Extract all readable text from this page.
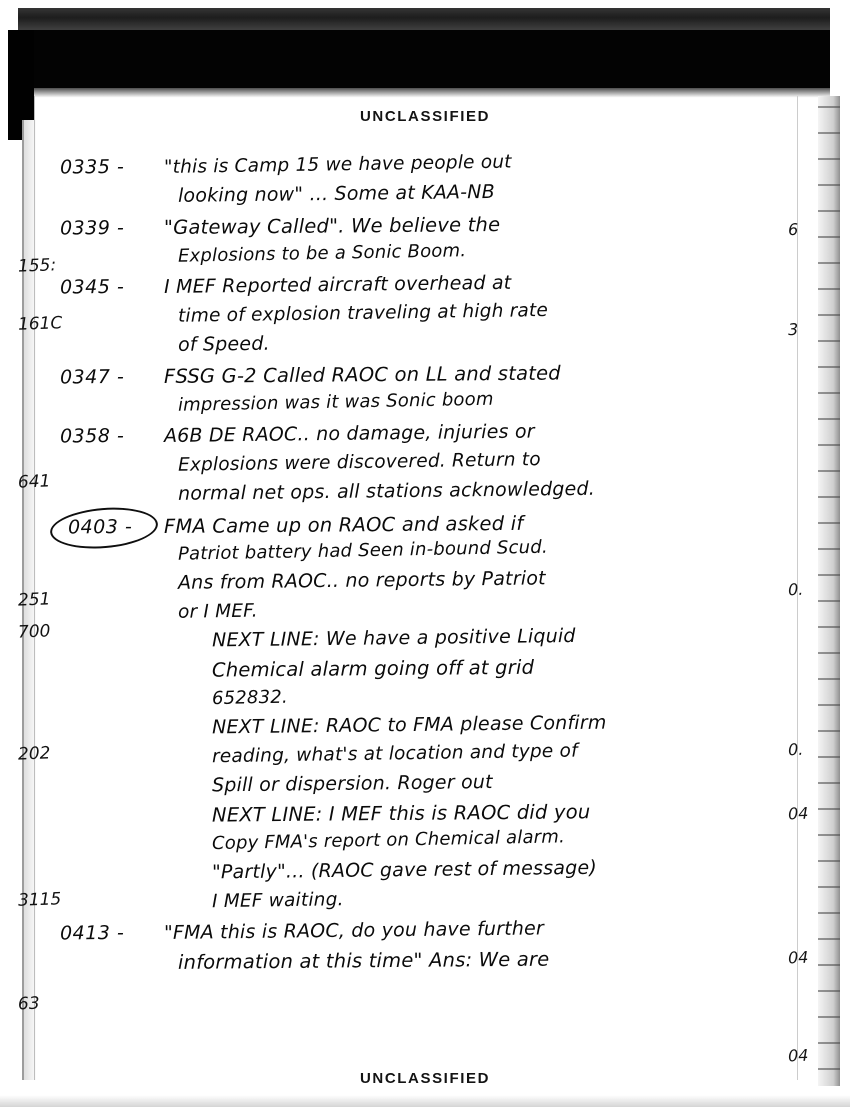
UNCLASSIFIED
155:
161C
641
251
700
202
3115
63
6
3
0.
0.
04
04
04
0335 -	"this is Camp 15 we have people out
looking now" ... Some at KAA-NB
0339 -	"Gateway Called". We believe the
Explosions to be a Sonic Boom.
0345 -	I MEF Reported aircraft overhead at
time of explosion traveling at high rate
of Speed.
0347 -	FSSG G-2 Called RAOC on LL and stated
impression was it was Sonic boom
0358 -	A6B DE RAOC.. no damage, injuries or
Explosions were discovered. Return to
normal net ops. all stations acknowledged.
0403 -	FMA Came up on RAOC and asked if
Patriot battery had Seen in-bound Scud.
Ans from RAOC.. no reports by Patriot
or I MEF.
NEXT LINE: We have a positive Liquid
Chemical alarm going off at grid
652832.
NEXT LINE: RAOC to FMA please Confirm
reading, what's at location and type of
Spill or dispersion. Roger out
NEXT LINE: I MEF this is RAOC did you
Copy FMA's report on Chemical alarm.
"Partly"... (RAOC gave rest of message)
I MEF waiting.
0413 -	"FMA this is RAOC, do you have further
information at this time" Ans: We are
UNCLASSIFIED
